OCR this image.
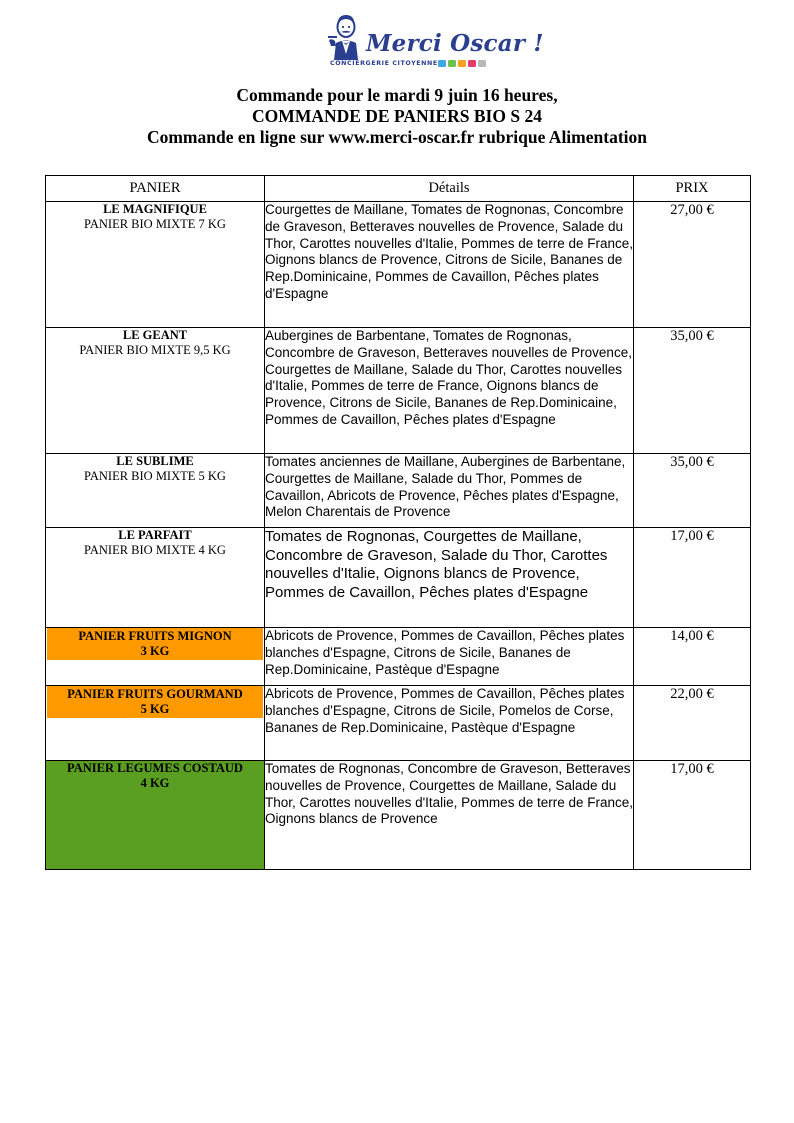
Merci Oscar !
CONCIERGERIE CITOYENNE
Commande pour le mardi 9 juin 16 heures,
COMMANDE DE PANIERS BIO S 24
Commande en ligne sur www.merci-oscar.fr rubrique Alimentation
PANIER	Détails	PRIX

LE MAGNIFIQUE
PANIER BIO MIXTE 7 KG	Courgettes de Maillane, Tomates de Rognonas, Concombre de Graveson, Betteraves nouvelles de Provence, Salade du Thor, Carottes nouvelles d'Italie, Pommes de terre de France, Oignons blancs de Provence, Citrons de Sicile, Bananes de Rep.Dominicaine, Pommes de Cavaillon, Pêches plates d'Espagne	27,00 €

LE GEANT
PANIER BIO MIXTE 9,5 KG	Aubergines de Barbentane, Tomates de Rognonas, Concombre de Graveson, Betteraves nouvelles de Provence, Courgettes de Maillane, Salade du Thor, Carottes nouvelles d'Italie, Pommes de terre de France, Oignons blancs de Provence, Citrons de Sicile, Bananes de Rep.Dominicaine, Pommes de Cavaillon, Pêches plates d'Espagne	35,00 €

LE SUBLIME
PANIER BIO MIXTE 5 KG	Tomates anciennes de Maillane, Aubergines de Barbentane, Courgettes de Maillane, Salade du Thor, Pommes de Cavaillon, Abricots de Provence, Pêches plates d'Espagne, Melon Charentais de Provence	35,00 €

LE PARFAIT
PANIER BIO MIXTE 4 KG	Tomates de Rognonas, Courgettes de Maillane, Concombre de Graveson, Salade du Thor, Carottes nouvelles d'Italie, Oignons blancs de Provence, Pommes de Cavaillon, Pêches plates d'Espagne	17,00 €

PANIER FRUITS MIGNON
3 KG	Abricots de Provence, Pommes de Cavaillon, Pêches plates blanches d'Espagne, Citrons de Sicile, Bananes de Rep.Dominicaine, Pastèque d'Espagne	14,00 €

PANIER FRUITS GOURMAND
5 KG	Abricots de Provence, Pommes de Cavaillon, Pêches plates blanches d'Espagne, Citrons de Sicile, Pomelos de Corse, Bananes de Rep.Dominicaine, Pastèque d'Espagne	22,00 €

PANIER LEGUMES COSTAUD
4 KG	Tomates de Rognonas, Concombre de Graveson, Betteraves nouvelles de Provence, Courgettes de Maillane, Salade du Thor, Carottes nouvelles d'Italie, Pommes de terre de France, Oignons blancs de Provence	17,00 €
